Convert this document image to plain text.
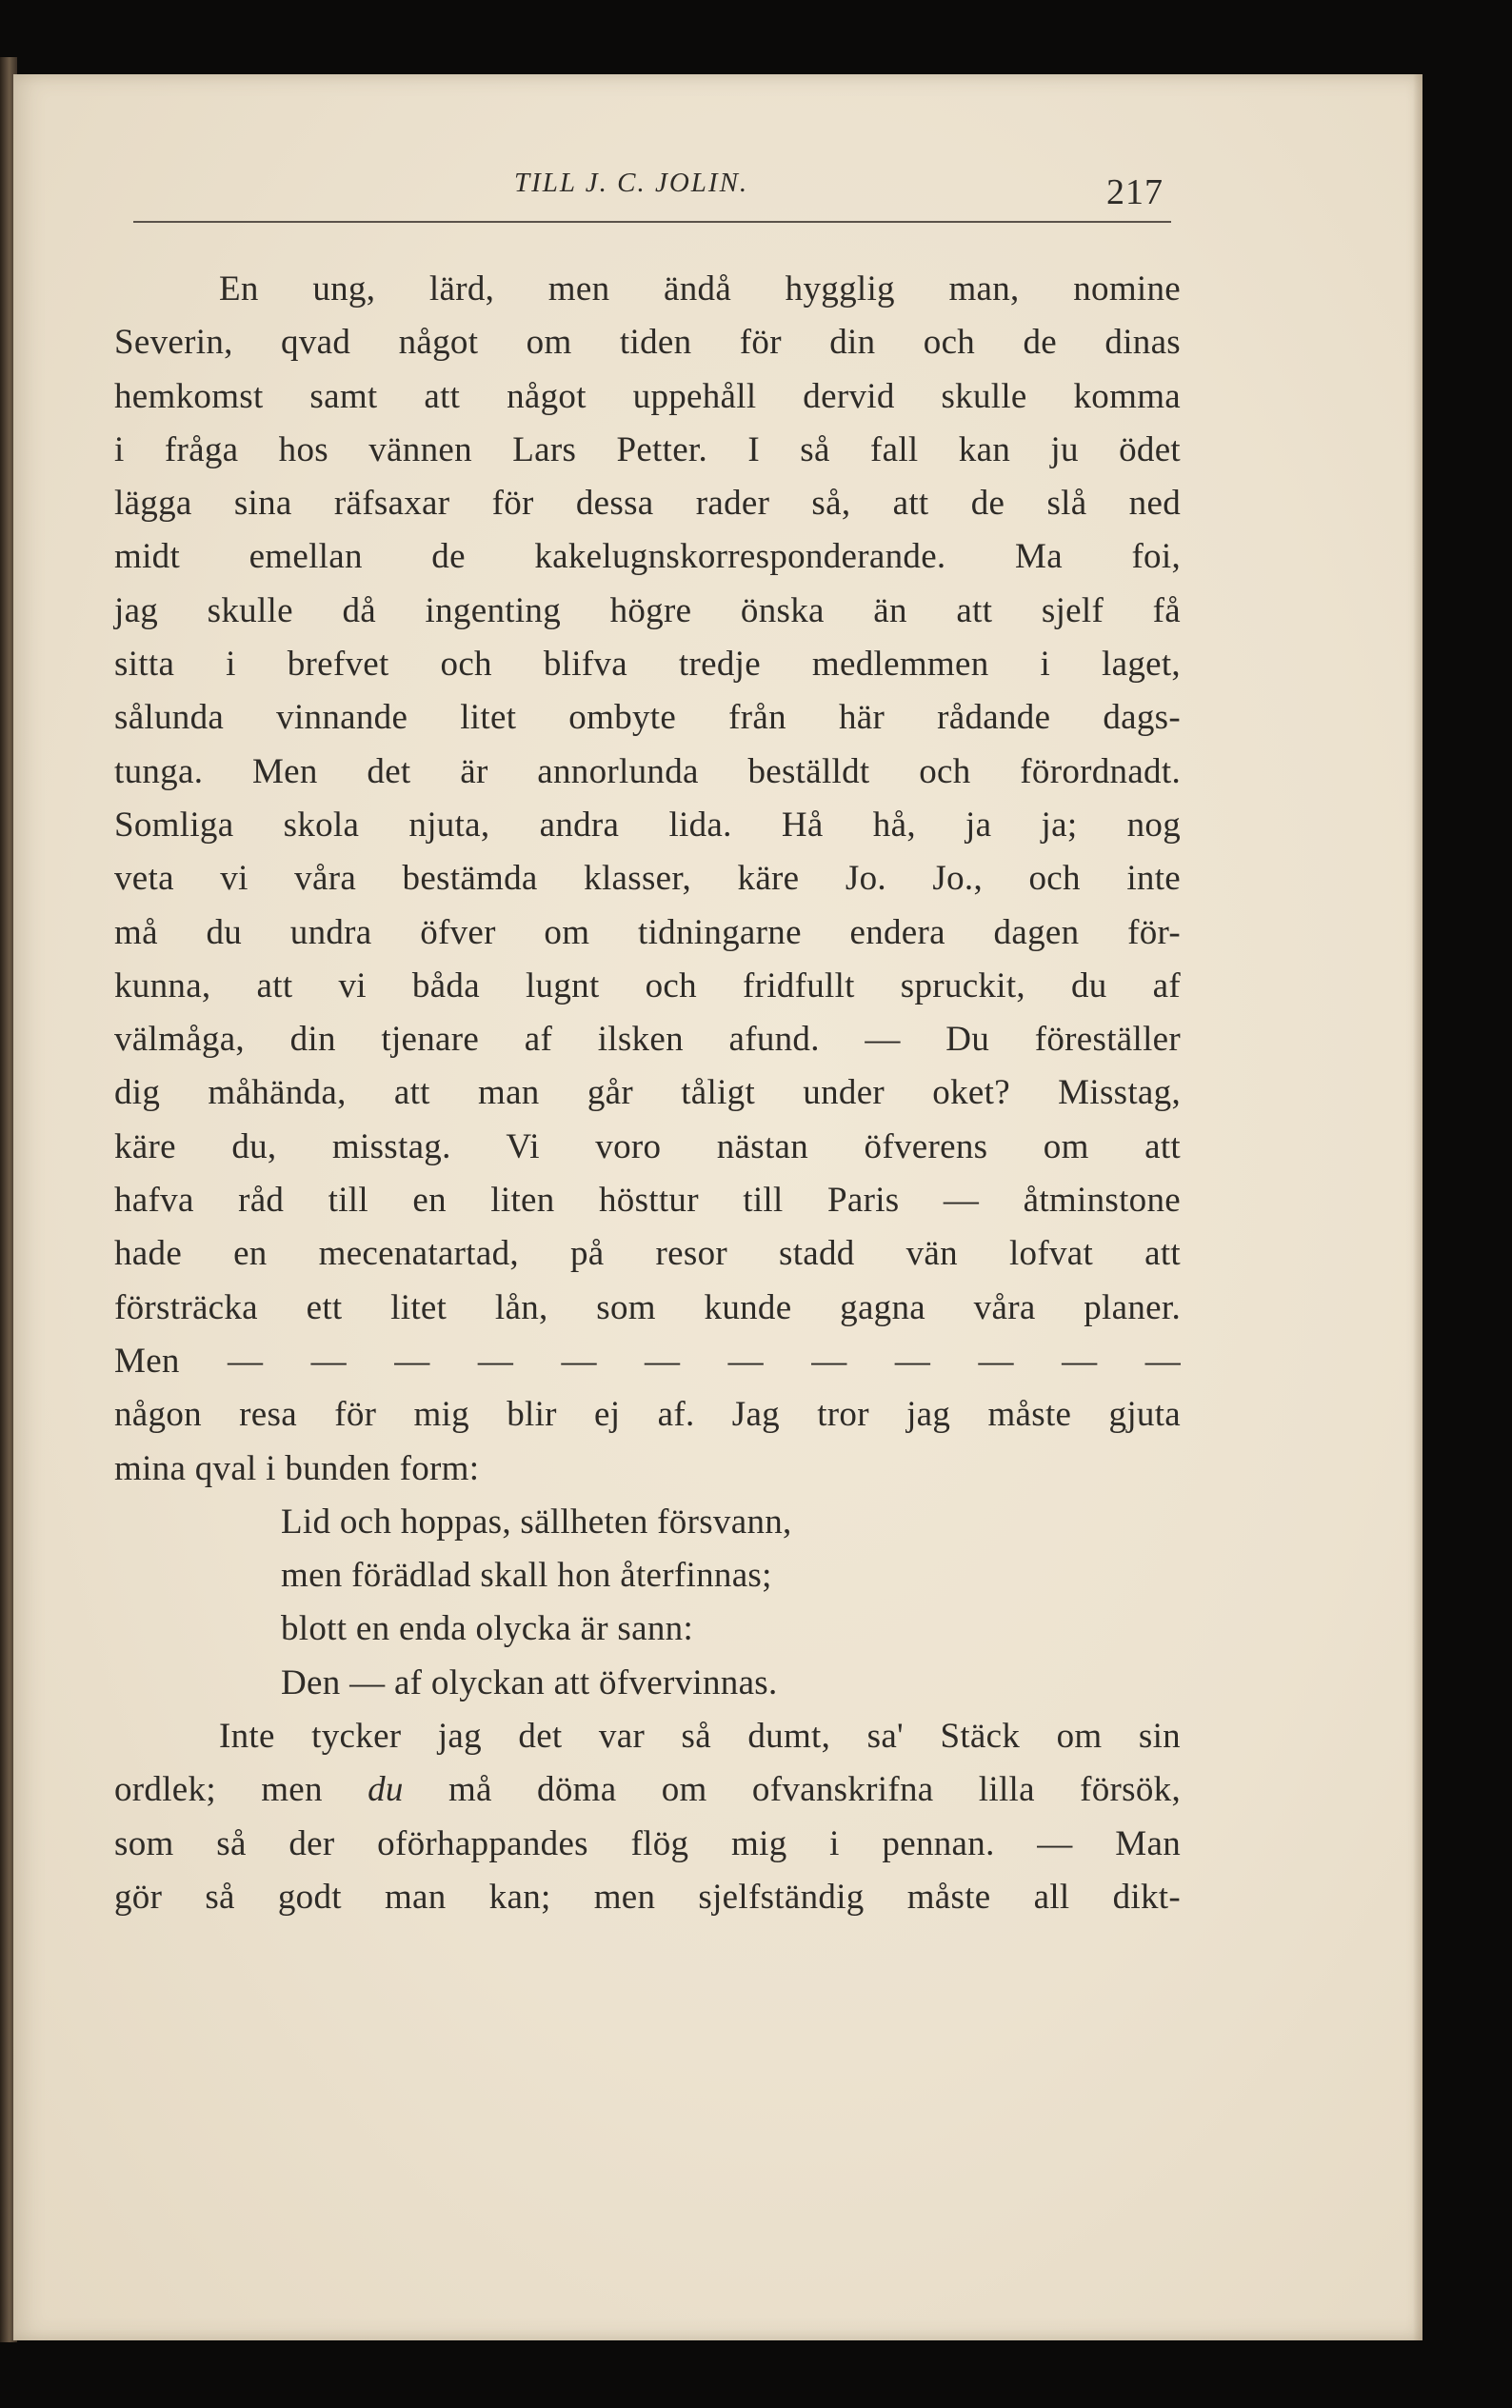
TILL J. C. JOLIN.	217
En ung, lärd, men ändå hygglig man, nomine
Severin, qvad något om tiden för din och de dinas
hemkomst samt att något uppehåll dervid skulle komma
i fråga hos vännen Lars Petter. I så fall kan ju ödet
lägga sina räfsaxar för dessa rader så, att de slå ned
midt emellan de kakelugnskorresponderande. Ma foi,
jag skulle då ingenting högre önska än att sjelf få
sitta i brefvet och blifva tredje medlemmen i laget,
sålunda vinnande litet ombyte från här rådande dags-
tunga. Men det är annorlunda beställdt och förordnadt.
Somliga skola njuta, andra lida. Hå hå, ja ja; nog
veta vi våra bestämda klasser, käre Jo. Jo., och inte
må du undra öfver om tidningarne endera dagen för-
kunna, att vi båda lugnt och fridfullt spruckit, du af
välmåga, din tjenare af ilsken afund. — Du föreställer
dig måhända, att man går tåligt under oket? Misstag,
käre du, misstag. Vi voro nästan öfverens om att
hafva råd till en liten hösttur till Paris — åtminstone
hade en mecenatartad, på resor stadd vän lofvat att
försträcka ett litet lån, som kunde gagna våra planer.
Men — — — — — — — — — — — —
någon resa för mig blir ej af. Jag tror jag måste gjuta
mina qval i bunden form:
Lid och hoppas, sällheten försvann,
men förädlad skall hon återfinnas;
blott en enda olycka är sann:
Den — af olyckan att öfvervinnas.
Inte tycker jag det var så dumt, sa' Stäck om sin
ordlek; men du må döma om ofvanskrifna lilla försök,
som så der oförhappandes flög mig i pennan. — Man
gör så godt man kan; men sjelfständig måste all dikt-
